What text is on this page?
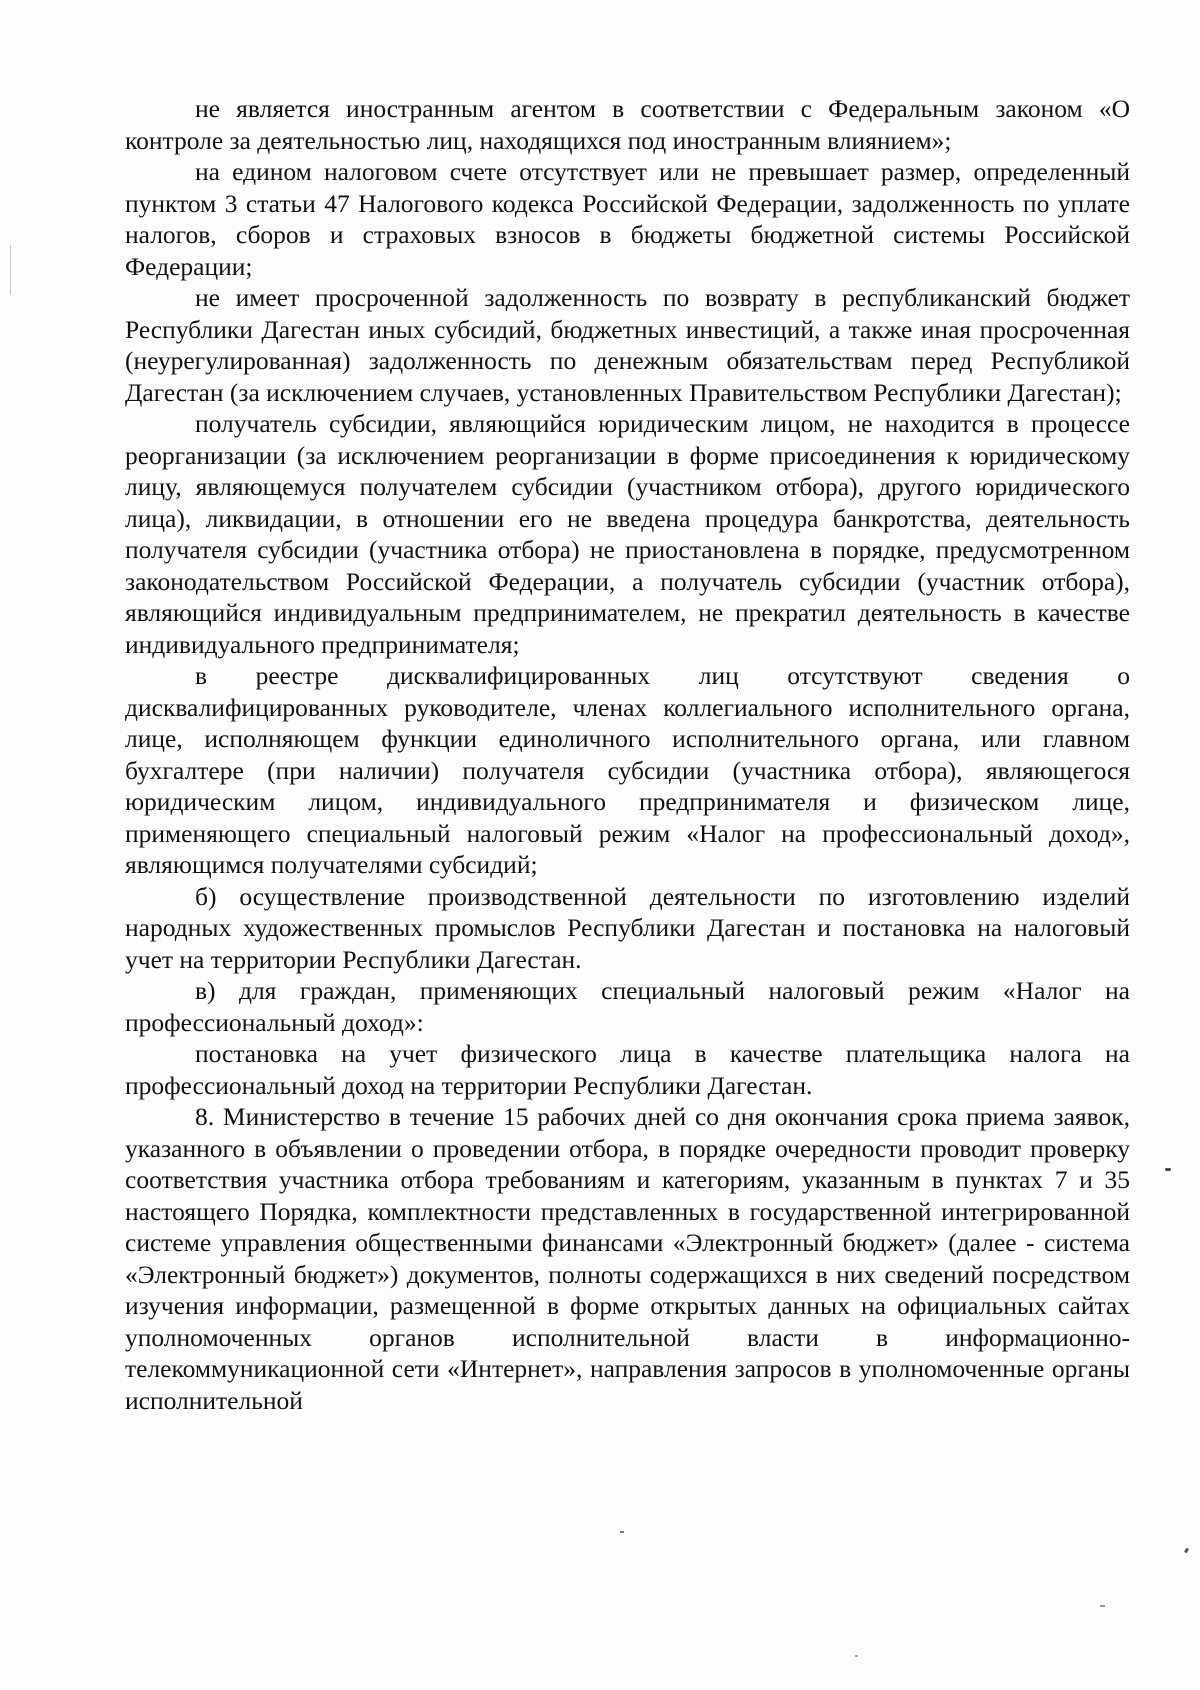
не является иностранным агентом в соответствии с Федеральным законом «О контроле за деятельностью лиц, находящихся под иностранным влиянием»;

на едином налоговом счете отсутствует или не превышает размер, определенный пунктом 3 статьи 47 Налогового кодекса Российской Федерации, задолженность по уплате налогов, сборов и страховых взносов в бюджеты бюджетной системы Российской Федерации;

не имеет просроченной задолженность по возврату в республиканский бюджет Республики Дагестан иных субсидий, бюджетных инвестиций, а также иная просроченная (неурегулированная) задолженность по денежным обязательствам перед Республикой Дагестан (за исключением случаев, установленных Правительством Республики Дагестан);

получатель субсидии, являющийся юридическим лицом, не находится в процессе реорганизации (за исключением реорганизации в форме присоединения к юридическому лицу, являющемуся получателем субсидии (участником отбора), другого юридического лица), ликвидации, в отношении его не введена процедура банкротства, деятельность получателя субсидии (участника отбора) не приостановлена в порядке, предусмотренном законодательством Российской Федерации, а получатель субсидии (участник отбора), являющийся индивидуальным предпринимателем, не прекратил деятельность в качестве индивидуального предпринимателя;

в реестре дисквалифицированных лиц отсутствуют сведения о дисквалифицированных руководителе, членах коллегиального исполнительного органа, лице, исполняющем функции единоличного исполнительного органа, или главном бухгалтере (при наличии) получателя субсидии (участника отбора), являющегося юридическим лицом, индивидуального предпринимателя и физическом лице, применяющего специальный налоговый режим «Налог на профессиональный доход», являющимся получателями субсидий;

б) осуществление производственной деятельности по изготовлению изделий народных художественных промыслов Республики Дагестан и постановка на налоговый учет на территории Республики Дагестан.

в) для граждан, применяющих специальный налоговый режим «Налог на профессиональный доход»:

постановка на учет физического лица в качестве плательщика налога на профессиональный доход на территории Республики Дагестан.

8. Министерство в течение 15 рабочих дней со дня окончания срока приема заявок, указанного в объявлении о проведении отбора, в порядке очередности проводит проверку соответствия участника отбора требованиям и категориям, указанным в пунктах 7 и 35 настоящего Порядка, комплектности представленных в государственной интегрированной системе управления общественными финансами «Электронный бюджет» (далее - система «Электронный бюджет») документов, полноты содержащихся в них сведений посредством изучения информации, размещенной в форме открытых данных на официальных сайтах уполномоченных органов исполнительной власти в информационно-телекоммуникационной сети «Интернет», направления запросов в уполномоченные органы исполнительной
